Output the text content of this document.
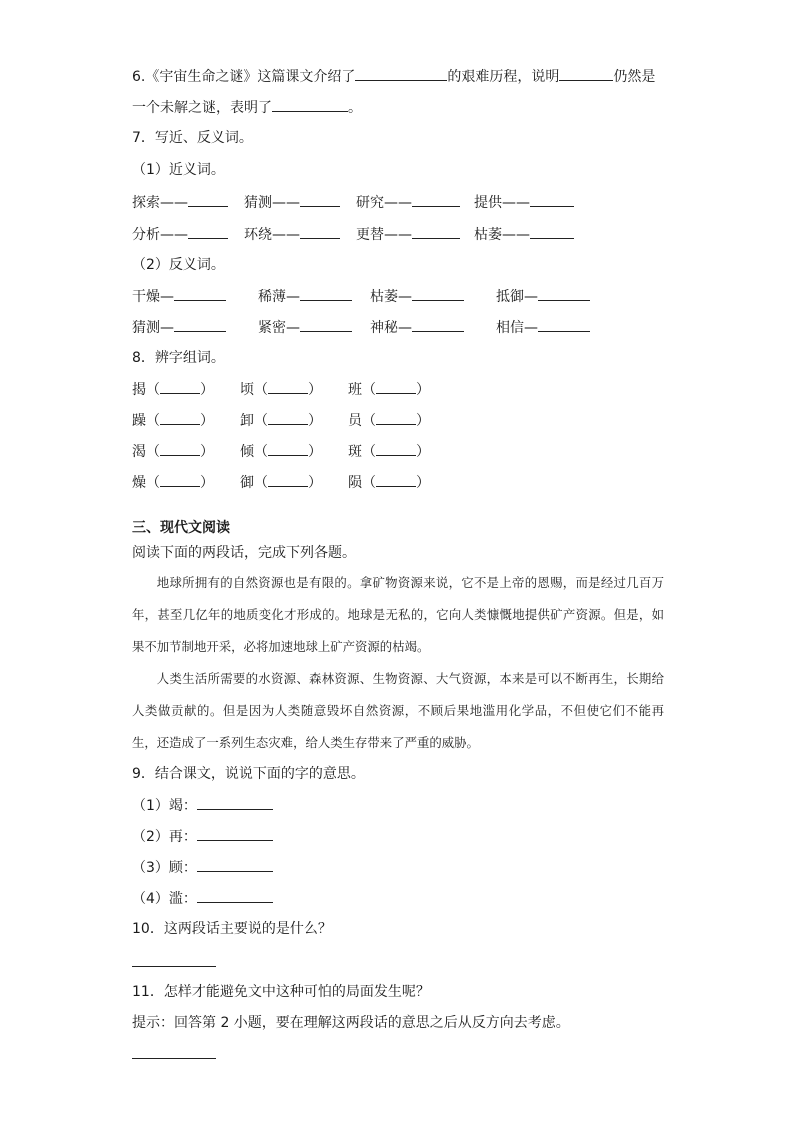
6.《宇宙生命之谜》这篇课文介绍了	的艰难历程，说明	仍然是
一个未解之谜，表明了	。
7．写近、反义词。
（1）近义词。
探索——	猜测——	研究——	提供——
分析——	环绕——	更替——	枯萎——
（2）反义词。
干燥—	稀薄—	枯萎—	抵御—
猜测—	紧密—	神秘—	相信—
8．辨字组词。
揭（	） 顷（	） 班（	）
躁（	） 卸（	） 员（	）
渴（	） 倾（	） 斑（	）
燥（	） 御（	） 陨（	）
三、现代文阅读
阅读下面的两段话，完成下列各题。

地球所拥有的自然资源也是有限的。拿矿物资源来说，它不是上帝的恩赐，而是经过几百万年，甚至几亿年的地质变化才形成的。地球是无私的，它向人类慷慨地提供矿产资源。但是，如果不加节制地开采，必将加速地球上矿产资源的枯竭。

人类生活所需要的水资源、森林资源、生物资源、大气资源，本来是可以不断再生，长期给人类做贡献的。但是因为人类随意毁坏自然资源，不顾后果地滥用化学品，不但使它们不能再生，还造成了一系列生态灾难，给人类生存带来了严重的威胁。

9．结合课文，说说下面的字的意思。
（1）竭：
（2）再：
（3）顾：
（4）滥：
10．这两段话主要说的是什么？
11．怎样才能避免文中这种可怕的局面发生呢？
提示：回答第 2 小题，要在理解这两段话的意思之后从反方向去考虑。
